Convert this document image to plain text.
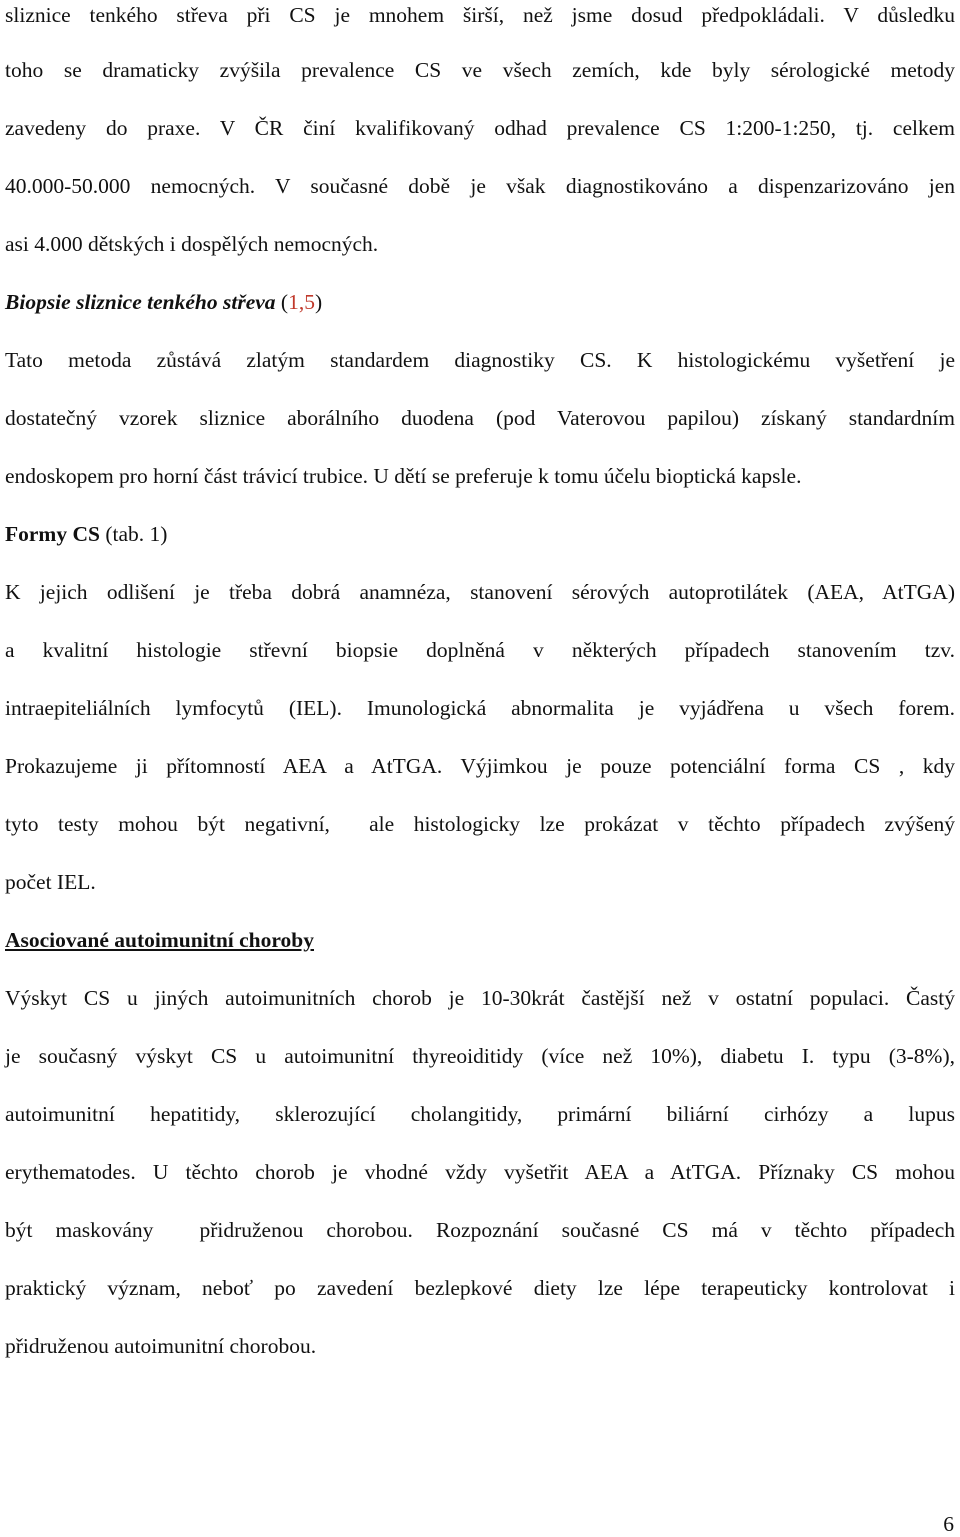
sliznice tenkého střeva při CS je mnohem širší, než jsme dosud předpokládali. V důsledku
toho se dramaticky zvýšila prevalence CS ve všech zemích, kde byly sérologické metody
zavedeny do praxe. V ČR činí kvalifikovaný odhad prevalence CS 1:200-1:250, tj. celkem
40.000-50.000 nemocných. V současné době je však diagnostikováno a dispenzarizováno jen
asi 4.000 dětských i dospělých nemocných.
Biopsie sliznice tenkého střeva (1,5)
Tato metoda zůstává zlatým standardem diagnostiky CS. K histologickému vyšetření je
dostatečný vzorek sliznice aborálního duodena (pod Vaterovou papilou) získaný standardním
endoskopem pro horní část trávicí trubice. U dětí se preferuje k tomu účelu bioptická kapsle.
Formy CS (tab. 1)
K jejich odlišení je třeba dobrá anamnéza, stanovení sérových autoprotilátek (AEA, AtTGA)
a kvalitní histologie střevní biopsie doplněná v některých případech stanovením tzv.
intraepiteliálních lymfocytů (IEL). Imunologická abnormalita je vyjádřena u všech forem.
Prokazujeme ji přítomností AEA a AtTGA. Výjimkou je pouze potenciální forma CS , kdy
tyto testy mohou být negativní,  ale histologicky lze prokázat v těchto případech zvýšený
počet IEL.
Asociované autoimunitní choroby
Výskyt CS u jiných autoimunitních chorob je 10-30krát častější než v ostatní populaci. Častý
je současný výskyt CS u autoimunitní thyreoiditidy (více než 10%), diabetu I. typu (3-8%),
autoimunitní hepatitidy, sklerozující cholangitidy, primární biliární cirhózy a lupus
erythematodes. U těchto chorob je vhodné vždy vyšetřit AEA a AtTGA. Příznaky CS mohou
být maskovány  přidruženou chorobou. Rozpoznání současné CS má v těchto případech
praktický význam, neboť po zavedení bezlepkové diety lze lépe terapeuticky kontrolovat i
přidruženou autoimunitní chorobou.
6
